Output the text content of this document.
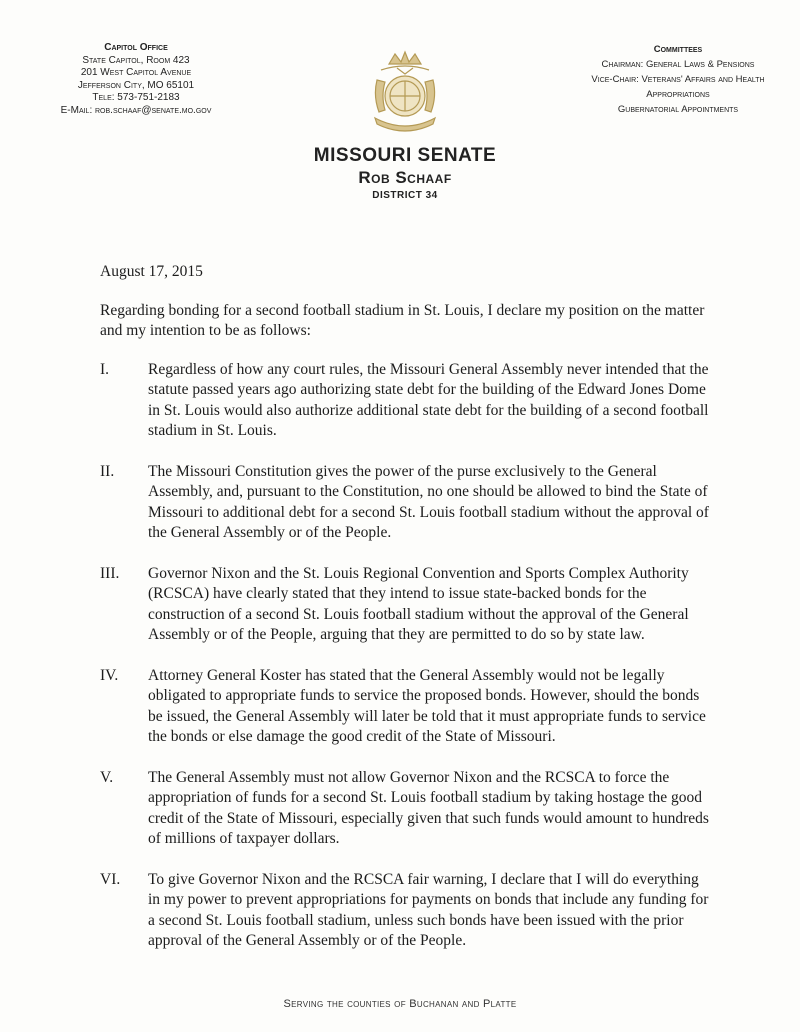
Capitol Office
State Capitol, Room 423
201 West Capitol Avenue
Jefferson City, MO 65101
Tele: 573-751-2183
E-Mail: rob.schaaf@senate.mo.gov
Committees
Chairman: General Laws & Pensions
Vice-Chair: Veterans' Affairs and Health
Appropriations
Gubernatorial Appointments
MISSOURI SENATE
Rob Schaaf
DISTRICT 34

August 17, 2015

Regarding bonding for a second football stadium in St. Louis, I declare my position on the matter and my intention to be as follows:

I.	Regardless of how any court rules, the Missouri General Assembly never intended that the statute passed years ago authorizing state debt for the building of the Edward Jones Dome in St. Louis would also authorize additional state debt for the building of a second football stadium in St. Louis.
II.	The Missouri Constitution gives the power of the purse exclusively to the General Assembly, and, pursuant to the Constitution, no one should be allowed to bind the State of Missouri to additional debt for a second St. Louis football stadium without the approval of the General Assembly or of the People.
III.	Governor Nixon and the St. Louis Regional Convention and Sports Complex Authority (RCSCA) have clearly stated that they intend to issue state-backed bonds for the construction of a second St. Louis football stadium without the approval of the General Assembly or of the People, arguing that they are permitted to do so by state law.
IV.	Attorney General Koster has stated that the General Assembly would not be legally obligated to appropriate funds to service the proposed bonds. However, should the bonds be issued, the General Assembly will later be told that it must appropriate funds to service the bonds or else damage the good credit of the State of Missouri.
V.	The General Assembly must not allow Governor Nixon and the RCSCA to force the appropriation of funds for a second St. Louis football stadium by taking hostage the good credit of the State of Missouri, especially given that such funds would amount to hundreds of millions of taxpayer dollars.
VI.	To give Governor Nixon and the RCSCA fair warning, I declare that I will do everything in my power to prevent appropriations for payments on bonds that include any funding for a second St. Louis football stadium, unless such bonds have been issued with the prior approval of the General Assembly or of the People.
Serving the counties of Buchanan and Platte
